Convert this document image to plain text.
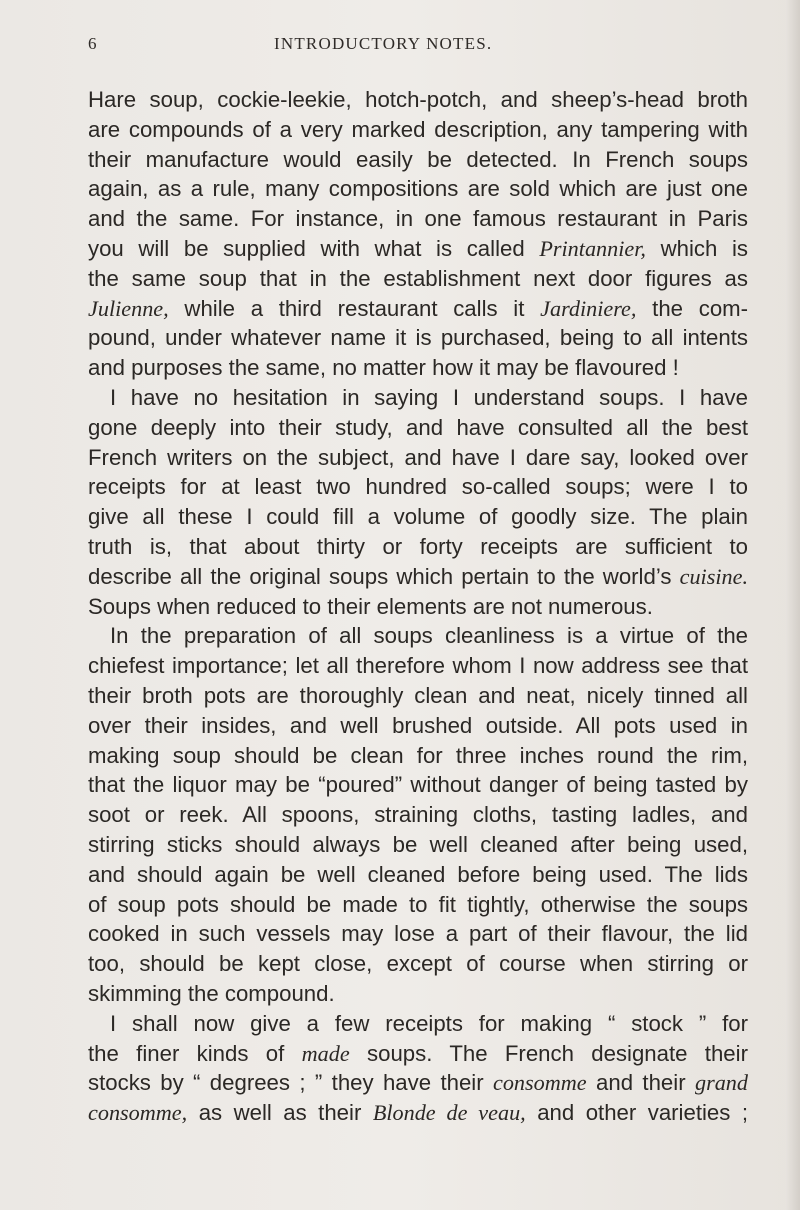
6	INTRODUCTORY NOTES.
Hare soup, cockie-leekie, hotch-potch, and sheep’s-head broth
are compounds of a very marked description, any tampering with
their manufacture would easily be detected. In French soups
again, as a rule, many compositions are sold which are just one
and the same. For instance, in one famous restaurant in Paris
you will be supplied with what is called Printannier, which is
the same soup that in the establishment next door figures as
Julienne, while a third restaurant calls it Jardiniere, the com-
pound, under whatever name it is purchased, being to all intents
and purposes the same, no matter how it may be flavoured !
I have no hesitation in saying I understand soups. I have
gone deeply into their study, and have consulted all the best
French writers on the subject, and have I dare say, looked over
receipts for at least two hundred so-called soups; were I to
give all these I could fill a volume of goodly size. The plain
truth is, that about thirty or forty receipts are sufficient to
describe all the original soups which pertain to the world’s cuisine.
Soups when reduced to their elements are not numerous.
In the preparation of all soups cleanliness is a virtue of the
chiefest importance; let all therefore whom I now address see that
their broth pots are thoroughly clean and neat, nicely tinned all
over their insides, and well brushed outside. All pots used in
making soup should be clean for three inches round the rim,
that the liquor may be “poured” without danger of being tasted by
soot or reek. All spoons, straining cloths, tasting ladles, and
stirring sticks should always be well cleaned after being used,
and should again be well cleaned before being used. The lids
of soup pots should be made to fit tightly, otherwise the soups
cooked in such vessels may lose a part of their flavour, the lid
too, should be kept close, except of course when stirring or
skimming the compound.
I shall now give a few receipts for making “ stock ” for
the finer kinds of made soups. The French designate their
stocks by “ degrees ; ” they have their consomme and their grand
consomme, as well as their Blonde de veau, and other varieties ;
